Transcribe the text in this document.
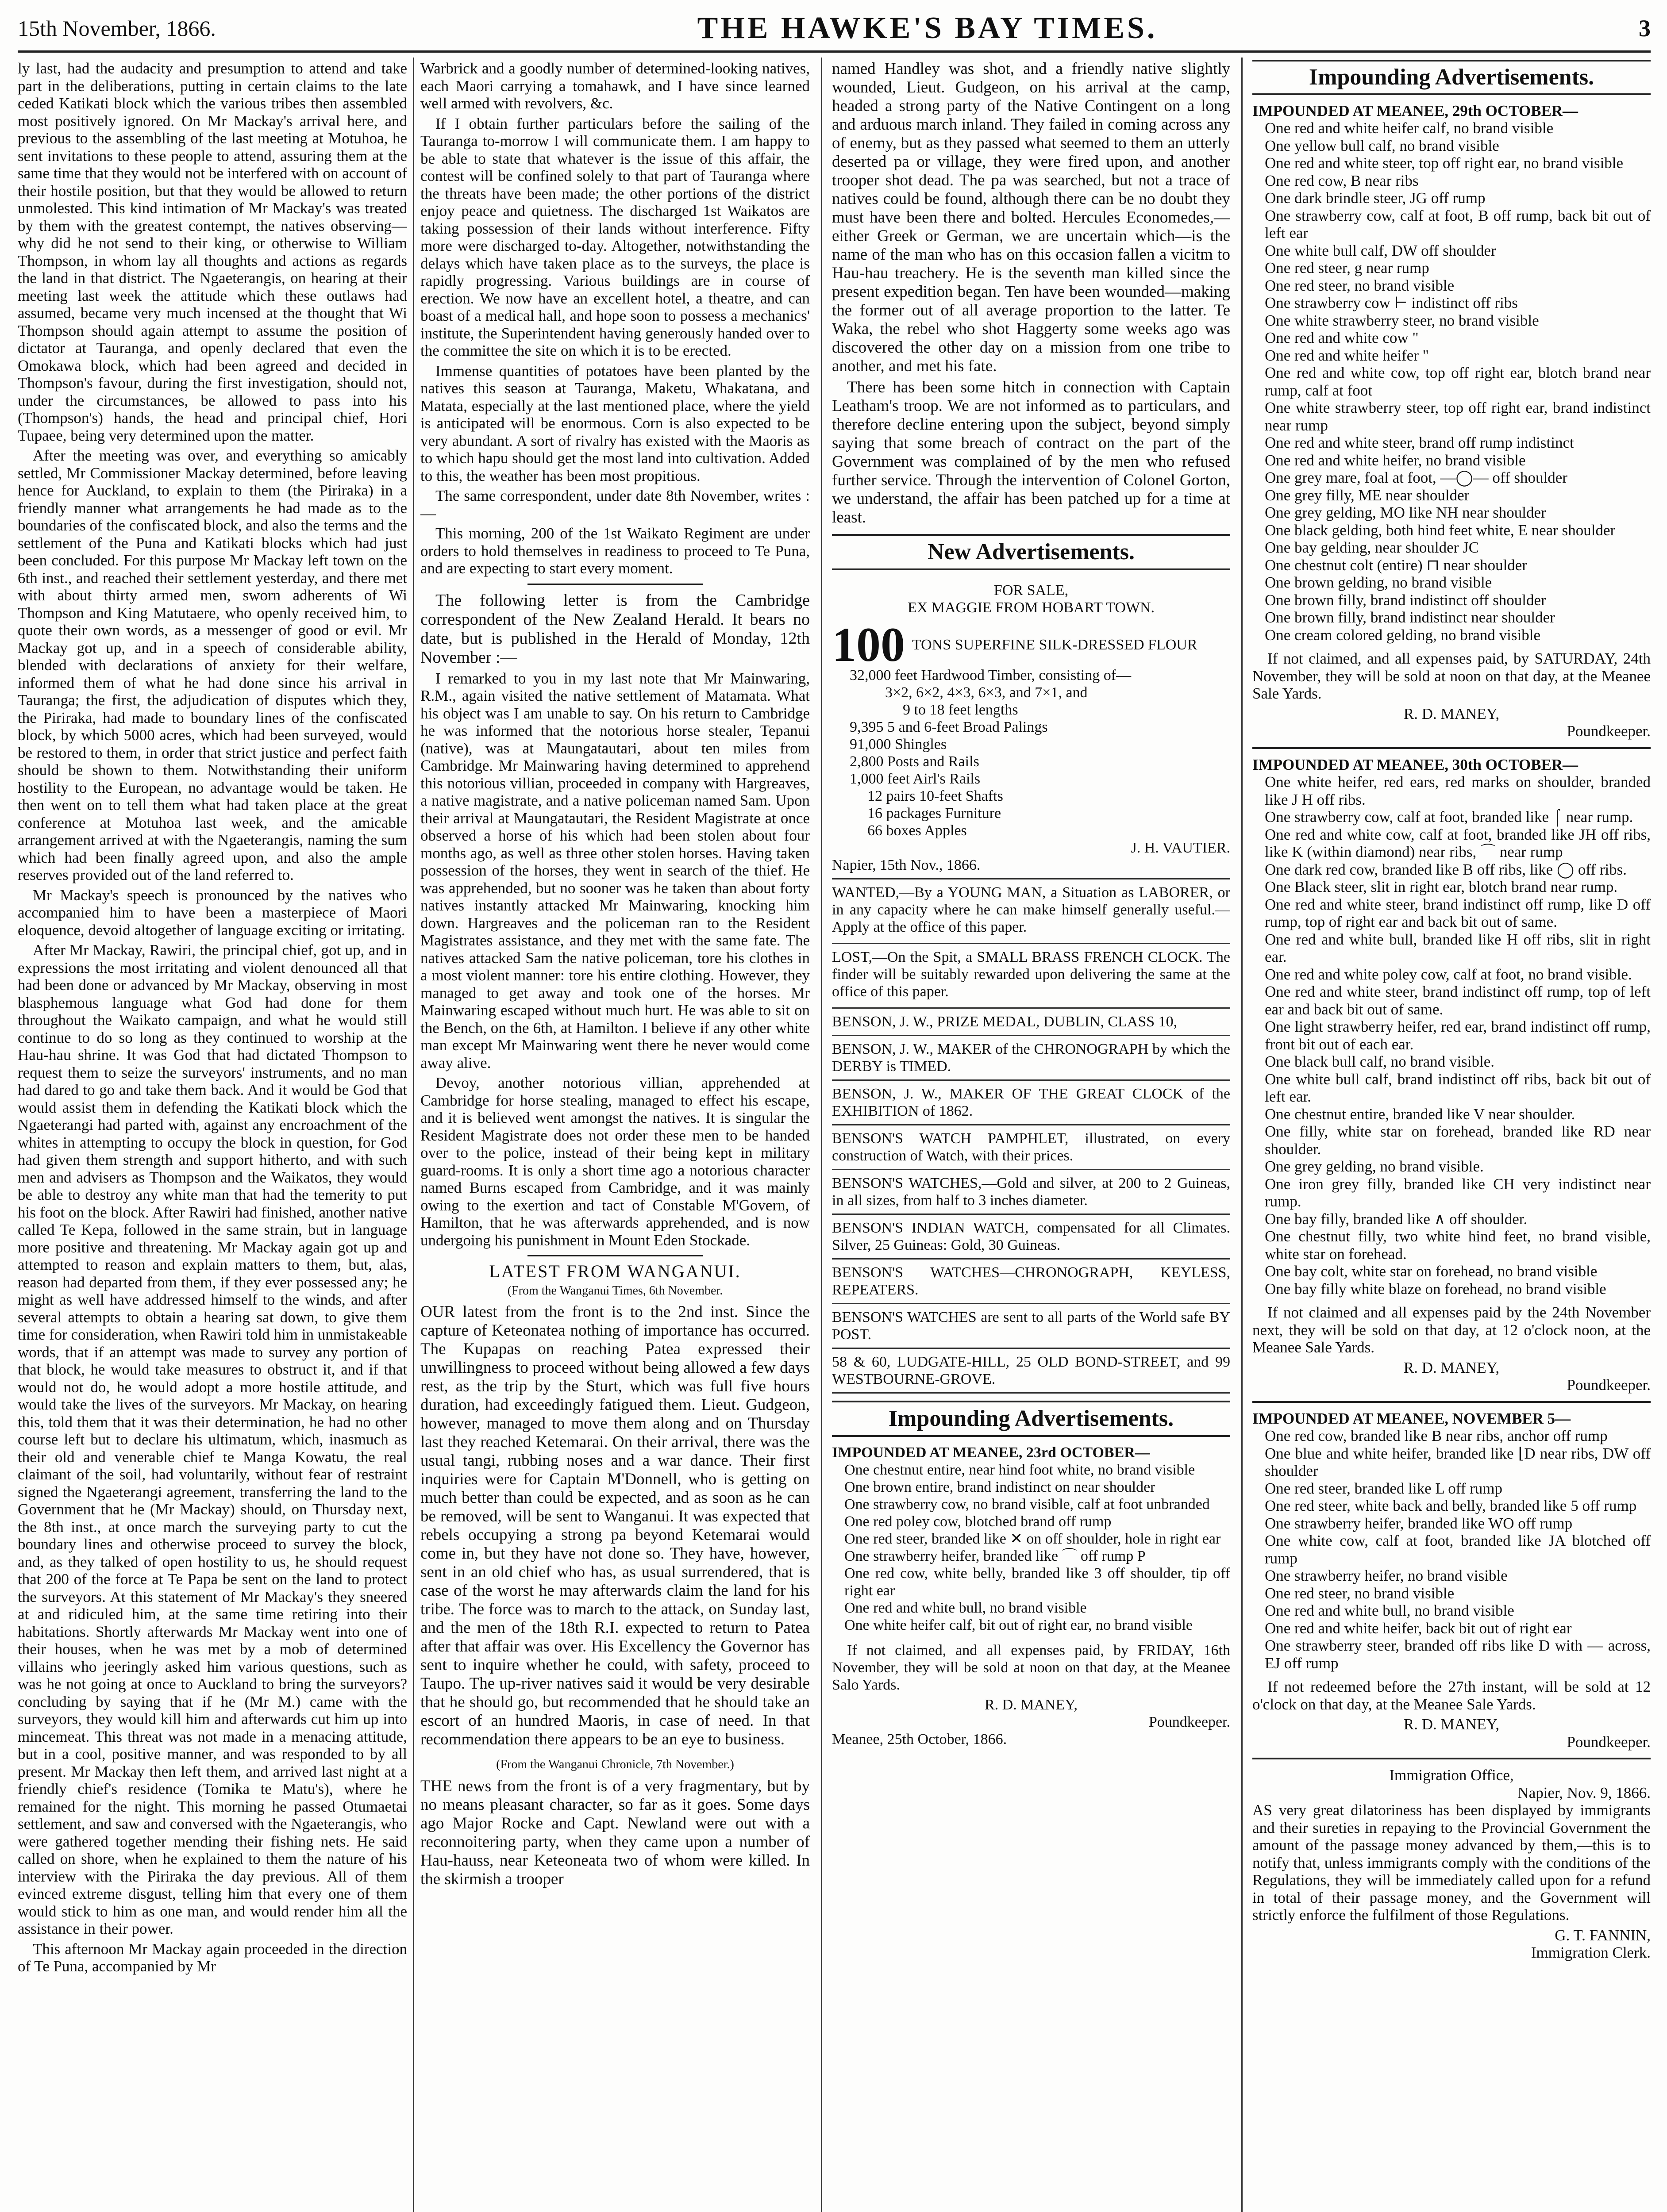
15th November, 1866.	THE HAWKE'S BAY TIMES.	3

ly last, had the audacity and presumption to attend and take part in the deliberations, putting in certain claims to the late ceded Katikati block which the various tribes then assembled most positively ignored. On Mr Mackay's arrival here, and previous to the assembling of the last meeting at Motuhoa, he sent invitations to these people to attend, assuring them at the same time that they would not be interfered with on account of their hostile position, but that they would be allowed to return unmolested. This kind intimation of Mr Mackay's was treated by them with the greatest contempt, the natives observing—why did he not send to their king, or otherwise to William Thompson, in whom lay all thoughts and actions as regards the land in that district. The Ngaeterangis, on hearing at their meeting last week the attitude which these outlaws had assumed, became very much incensed at the thought that Wi Thompson should again attempt to assume the position of dictator at Tauranga, and openly declared that even the Omokawa block, which had been agreed and decided in Thompson's favour, during the first investigation, should not, under the circumstances, be allowed to pass into his (Thompson's) hands, the head and principal chief, Hori Tupaee, being very determined upon the matter.

After the meeting was over, and everything so amicably settled, Mr Commissioner Mackay determined, before leaving hence for Auckland, to explain to them (the Piriraka) in a friendly manner what arrangements he had made as to the boundaries of the confiscated block, and also the terms and the settlement of the Puna and Katikati blocks which had just been concluded. For this purpose Mr Mackay left town on the 6th inst., and reached their settlement yesterday, and there met with about thirty armed men, sworn adherents of Wi Thompson and King Matutaere, who openly received him, to quote their own words, as a messenger of good or evil. Mr Mackay got up, and in a speech of considerable ability, blended with declarations of anxiety for their welfare, informed them of what he had done since his arrival in Tauranga; the first, the adjudication of disputes which they, the Piriraka, had made to boundary lines of the confiscated block, by which 5000 acres, which had been surveyed, would be restored to them, in order that strict justice and perfect faith should be shown to them. Notwithstanding their uniform hostility to the European, no advantage would be taken. He then went on to tell them what had taken place at the great conference at Motuhoa last week, and the amicable arrangement arrived at with the Ngaeterangis, naming the sum which had been finally agreed upon, and also the ample reserves provided out of the land referred to.

Mr Mackay's speech is pronounced by the natives who accompanied him to have been a masterpiece of Maori eloquence, devoid altogether of language exciting or irritating.

After Mr Mackay, Rawiri, the principal chief, got up, and in expressions the most irritating and violent denounced all that had been done or advanced by Mr Mackay, observing in most blasphemous language what God had done for them throughout the Waikato campaign, and what he would still continue to do so long as they continued to worship at the Hau-hau shrine. It was God that had dictated Thompson to request them to seize the surveyors' instruments, and no man had dared to go and take them back. And it would be God that would assist them in defending the Katikati block which the Ngaeterangi had parted with, against any encroachment of the whites in attempting to occupy the block in question, for God had given them strength and support hitherto, and with such men and advisers as Thompson and the Waikatos, they would be able to destroy any white man that had the temerity to put his foot on the block. After Rawiri had finished, another native called Te Kepa, followed in the same strain, but in language more positive and threatening. Mr Mackay again got up and attempted to reason and explain matters to them, but, alas, reason had departed from them, if they ever possessed any; he might as well have addressed himself to the winds, and after several attempts to obtain a hearing sat down, to give them time for consideration, when Rawiri told him in unmistakeable words, that if an attempt was made to survey any portion of that block, he would take measures to obstruct it, and if that would not do, he would adopt a more hostile attitude, and would take the lives of the surveyors. Mr Mackay, on hearing this, told them that it was their determination, he had no other course left but to declare his ultimatum, which, inasmuch as their old and venerable chief te Manga Kowatu, the real claimant of the soil, had voluntarily, without fear of restraint signed the Ngaeterangi agreement, transferring the land to the Government that he (Mr Mackay) should, on Thursday next, the 8th inst., at once march the surveying party to cut the boundary lines and otherwise proceed to survey the block, and, as they talked of open hostility to us, he should request that 200 of the force at Te Papa be sent on the land to protect the surveyors. At this statement of Mr Mackay's they sneered at and ridiculed him, at the same time retiring into their habitations. Shortly afterwards Mr Mackay went into one of their houses, when he was met by a mob of determined villains who jeeringly asked him various questions, such as was he not going at once to Auckland to bring the surveyors? concluding by saying that if he (Mr M.) came with the surveyors, they would kill him and afterwards cut him up into mincemeat. This threat was not made in a menacing attitude, but in a cool, positive manner, and was responded to by all present. Mr Mackay then left them, and arrived last night at a friendly chief's residence (Tomika te Matu's), where he remained for the night. This morning he passed Otumaetai settlement, and saw and conversed with the Ngaeterangis, who were gathered together mending their fishing nets. He said called on shore, when he explained to them the nature of his interview with the Piriraka the day previous. All of them evinced extreme disgust, telling him that every one of them would stick to him as one man, and would render him all the assistance in their power.

This afternoon Mr Mackay again proceeded in the direction of Te Puna, accompanied by Mr

Warbrick and a goodly number of determined-looking natives, each Maori carrying a tomahawk, and I have since learned well armed with revolvers, &c.

If I obtain further particulars before the sailing of the Tauranga to-morrow I will communicate them. I am happy to be able to state that whatever is the issue of this affair, the contest will be confined solely to that part of Tauranga where the threats have been made; the other portions of the district enjoy peace and quietness. The discharged 1st Waikatos are taking possession of their lands without interference. Fifty more were discharged to-day. Altogether, notwithstanding the delays which have taken place as to the surveys, the place is rapidly progressing. Various buildings are in course of erection. We now have an excellent hotel, a theatre, and can boast of a medical hall, and hope soon to possess a mechanics' institute, the Superintendent having generously handed over to the committee the site on which it is to be erected.

Immense quantities of potatoes have been planted by the natives this season at Tauranga, Maketu, Whakatana, and Matata, especially at the last mentioned place, where the yield is anticipated will be enormous. Corn is also expected to be very abundant. A sort of rivalry has existed with the Maoris as to which hapu should get the most land into cultivation. Added to this, the weather has been most propitious.

The same correspondent, under date 8th November, writes :—

This morning, 200 of the 1st Waikato Regiment are under orders to hold themselves in readiness to proceed to Te Puna, and are expecting to start every moment.

The following letter is from the Cambridge correspondent of the New Zealand Herald. It bears no date, but is published in the Herald of Monday, 12th November :—

I remarked to you in my last note that Mr Mainwaring, R.M., again visited the native settlement of Matamata. What his object was I am unable to say. On his return to Cambridge he was informed that the notorious horse stealer, Tepanui (native), was at Maungatautari, about ten miles from Cambridge. Mr Mainwaring having determined to apprehend this notorious villian, proceeded in company with Hargreaves, a native magistrate, and a native policeman named Sam. Upon their arrival at Maungatautari, the Resident Magistrate at once observed a horse of his which had been stolen about four months ago, as well as three other stolen horses. Having taken possession of the horses, they went in search of the thief. He was apprehended, but no sooner was he taken than about forty natives instantly attacked Mr Mainwaring, knocking him down. Hargreaves and the policeman ran to the Resident Magistrates assistance, and they met with the same fate. The natives attacked Sam the native policeman, tore his clothes in a most violent manner: tore his entire clothing. However, they managed to get away and took one of the horses. Mr Mainwaring escaped without much hurt. He was able to sit on the Bench, on the 6th, at Hamilton. I believe if any other white man except Mr Mainwaring went there he never would come away alive.

Devoy, another notorious villian, apprehended at Cambridge for horse stealing, managed to effect his escape, and it is believed went amongst the natives. It is singular the Resident Magistrate does not order these men to be handed over to the police, instead of their being kept in military guard-rooms. It is only a short time ago a notorious character named Burns escaped from Cambridge, and it was mainly owing to the exertion and tact of Constable M'Govern, of Hamilton, that he was afterwards apprehended, and is now undergoing his punishment in Mount Eden Stockade.

LATEST FROM WANGANUI.
(From the Wanganui Times, 6th November.

OUR latest from the front is to the 2nd inst. Since the capture of Keteonatea nothing of importance has occurred. The Kupapas on reaching Patea expressed their unwillingness to proceed without being allowed a few days rest, as the trip by the Sturt, which was full five hours duration, had exceedingly fatigued them. Lieut. Gudgeon, however, managed to move them along and on Thursday last they reached Ketemarai. On their arrival, there was the usual tangi, rubbing noses and a war dance. Their first inquiries were for Captain M'Donnell, who is getting on much better than could be expected, and as soon as he can be removed, will be sent to Wanganui. It was expected that rebels occupying a strong pa beyond Ketemarai would come in, but they have not done so. They have, however, sent in an old chief who has, as usual surrendered, that is case of the worst he may afterwards claim the land for his tribe. The force was to march to the attack, on Sunday last, and the men of the 18th R.I. expected to return to Patea after that affair was over. His Excellency the Governor has sent to inquire whether he could, with safety, proceed to Taupo. The up-river natives said it would be very desirable that he should go, but recommended that he should take an escort of an hundred Maoris, in case of need. In that recommendation there appears to be an eye to business.

(From the Wanganui Chronicle, 7th November.)

THE news from the front is of a very fragmentary, but by no means pleasant character, so far as it goes. Some days ago Major Rocke and Capt. Newland were out with a reconnoitering party, when they came upon a number of Hau-hauss, near Keteoneata two of whom were killed. In the skirmish a trooper

named Handley was shot, and a friendly native slightly wounded, Lieut. Gudgeon, on his arrival at the camp, headed a strong party of the Native Contingent on a long and arduous march inland. They failed in coming across any of enemy, but as they passed what seemed to them an utterly deserted pa or village, they were fired upon, and another trooper shot dead. The pa was searched, but not a trace of natives could be found, although there can be no doubt they must have been there and bolted. Hercules Economedes,—either Greek or German, we are uncertain which—is the name of the man who has on this occasion fallen a vicitm to Hau-hau treachery. He is the seventh man killed since the present expedition began. Ten have been wounded—making the former out of all average proportion to the latter. Te Waka, the rebel who shot Haggerty some weeks ago was discovered the other day on a mission from one tribe to another, and met his fate.

There has been some hitch in connection with Captain Leatham's troop. We are not informed as to particulars, and therefore decline entering upon the subject, beyond simply saying that some breach of contract on the part of the Government was complained of by the men who refused further service. Through the intervention of Colonel Gorton, we understand, the affair has been patched up for a time at least.

New Advertisements.
FOR SALE,
EX MAGGIE FROM HOBART TOWN.
100 TONS SUPERFINE SILK-DRESSED FLOUR
32,000 feet Hardwood Timber, consisting of—
3×2, 6×2, 4×3, 6×3, and 7×1, and
9 to 18 feet lengths
9,395 5 and 6-feet Broad Palings
91,000 Shingles
2,800 Posts and Rails
1,000 feet Airl's Rails
12 pairs 10-feet Shafts
16 packages Furniture
66 boxes Apples
J. H. VAUTIER.
Napier, 15th Nov., 1866.

WANTED,—By a YOUNG MAN, a Situation as LABORER, or in any capacity where he can make himself generally useful.—Apply at the office of this paper.

LOST,—On the Spit, a SMALL BRASS FRENCH CLOCK. The finder will be suitably rewarded upon delivering the same at the office of this paper.

BENSON, J. W., PRIZE MEDAL, DUBLIN, CLASS 10,
BENSON, J. W., MAKER of the CHRONOGRAPH by which the DERBY is TIMED.
BENSON, J. W., MAKER OF THE GREAT CLOCK of the EXHIBITION of 1862.
BENSON'S WATCH PAMPHLET, illustrated, on every construction of Watch, with their prices.
BENSON'S WATCHES,—Gold and silver, at 200 to 2 Guineas, in all sizes, from half to 3 inches diameter.
BENSON'S INDIAN WATCH, compensated for all Climates. Silver, 25 Guineas: Gold, 30 Guineas.
BENSON'S WATCHES—CHRONOGRAPH, KEYLESS, REPEATERS.
BENSON'S WATCHES are sent to all parts of the World safe BY POST.
58 & 60, LUDGATE-HILL, 25 OLD BOND-STREET, and 99 WESTBOURNE-GROVE.
Impounding Advertisements.
IMPOUNDED AT MEANEE, 23rd OCTOBER—
One chestnut entire, near hind foot white, no brand visible
One brown entire, brand indistinct on near shoulder
One strawberry cow, no brand visible, calf at foot unbranded
One red poley cow, blotched brand off rump
One red steer, branded like ✕ on off shoulder, hole in right ear
One strawberry heifer, branded like ⌒ off rump P
One red cow, white belly, branded like 3 off shoulder, tip off right ear
One red and white bull, no brand visible
One white heifer calf, bit out of right ear, no brand visible

If not claimed, and all expenses paid, by FRIDAY, 16th November, they will be sold at noon on that day, at the Meanee Salo Yards.

R. D. MANEY,
Poundkeeper.
Meanee, 25th October, 1866.
Impounding Advertisements.
IMPOUNDED AT MEANEE, 29th OCTOBER—
One red and white heifer calf, no brand visible
One yellow bull calf, no brand visible
One red and white steer, top off right ear, no brand visible
One red cow, B near ribs
One dark brindle steer, JG off rump
One strawberry cow, calf at foot, B off rump, back bit out of left ear
One white bull calf, DW off shoulder
One red steer, g near rump
One red steer, no brand visible
One strawberry cow ⊢ indistinct off ribs
One white strawberry steer, no brand visible
One red and white cow "
One red and white heifer "
One red and white cow, top off right ear, blotch brand near rump, calf at foot
One white strawberry steer, top off right ear, brand indistinct near rump
One red and white steer, brand off rump indistinct
One red and white heifer, no brand visible
One grey mare, foal at foot, —◯— off shoulder
One grey filly, ME near shoulder
One grey gelding, MO like NH near shoulder
One black gelding, both hind feet white, E near shoulder
One bay gelding, near shoulder JC
One chestnut colt (entire) ⊓ near shoulder
One brown gelding, no brand visible
One brown filly, brand indistinct off shoulder
One brown filly, brand indistinct near shoulder
One cream colored gelding, no brand visible

If not claimed, and all expenses paid, by SATURDAY, 24th November, they will be sold at noon on that day, at the Meanee Sale Yards.

R. D. MANEY,
Poundkeeper.
IMPOUNDED AT MEANEE, 30th OCTOBER—
One white heifer, red ears, red marks on shoulder, branded like J H off ribs.
One strawberry cow, calf at foot, branded like ⌠ near rump.
One red and white cow, calf at foot, branded like JH off ribs, like K (within diamond) near ribs, ⌒ near rump
One dark red cow, branded like B off ribs, like ◯ off ribs.
One Black steer, slit in right ear, blotch brand near rump.
One red and white steer, brand indistinct off rump, like D off rump, top of right ear and back bit out of same.
One red and white bull, branded like H off ribs, slit in right ear.
One red and white poley cow, calf at foot, no brand visible.
One red and white steer, brand indistinct off rump, top of left ear and back bit out of same.
One light strawberry heifer, red ear, brand indistinct off rump, front bit out of each ear.
One black bull calf, no brand visible.
One white bull calf, brand indistinct off ribs, back bit out of left ear.
One chestnut entire, branded like V near shoulder.
One filly, white star on forehead, branded like RD near shoulder.
One grey gelding, no brand visible.
One iron grey filly, branded like CH very indistinct near rump.
One bay filly, branded like ∧ off shoulder.
One chestnut filly, two white hind feet, no brand visible, white star on forehead.
One bay colt, white star on forehead, no brand visible
One bay filly white blaze on forehead, no brand visible

If not claimed and all expenses paid by the 24th November next, they will be sold on that day, at 12 o'clock noon, at the Meanee Sale Yards.

R. D. MANEY,
Poundkeeper.
IMPOUNDED AT MEANEE, NOVEMBER 5—
One red cow, branded like B near ribs, anchor off rump
One blue and white heifer, branded like ⌊D near ribs, DW off shoulder
One red steer, branded like L off rump
One red steer, white back and belly, branded like 5 off rump
One strawberry heifer, branded like WO off rump
One white cow, calf at foot, branded like JA blotched off rump
One strawberry heifer, no brand visible
One red steer, no brand visible
One red and white bull, no brand visible
One red and white heifer, back bit out of right ear
One strawberry steer, branded off ribs like D with — across, EJ off rump

If not redeemed before the 27th instant, will be sold at 12 o'clock on that day, at the Meanee Sale Yards.

R. D. MANEY,
Poundkeeper.
Immigration Office,
Napier, Nov. 9, 1866.

AS very great dilatoriness has been displayed by immigrants and their sureties in repaying to the Provincial Government the amount of the passage money advanced by them,—this is to notify that, unless immigrants comply with the conditions of the Regulations, they will be immediately called upon for a refund in total of their passage money, and the Government will strictly enforce the fulfilment of those Regulations.

G. T. FANNIN,
Immigration Clerk.
